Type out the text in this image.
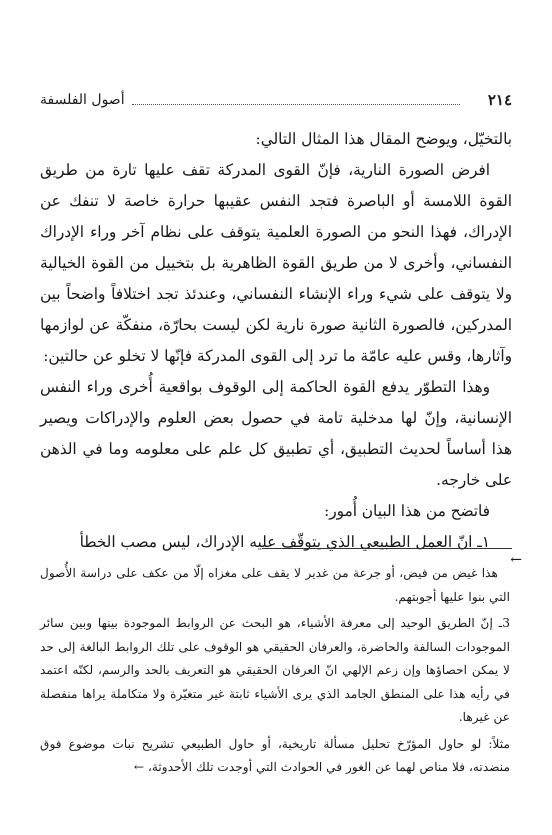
٢١٤
أصول الفلسفة

بالتخيّل، ويوضح المقال هذا المثال التالي:

افرض الصورة النارية، فإنّ القوى المدركة تقف عليها تارة من طريق القوة اللامسة أو الباصرة فتجد النفس عقيبها حرارة خاصة لا تنفك عن الإدراك، فهذا النحو من الصورة العلمية يتوقف على نظام آخر وراء الإدراك النفساني، وأخرى لا من طريق القوة الظاهرية بل بتخييل من القوة الخيالية ولا يتوقف على شيء وراء الإنشاء النفساني، وعندئذ تجد اختلافاً واضحاً بين المدركين، فالصورة الثانية صورة نارية لكن ليست بحارّة، منفكّة عن لوازمها وآثارها، وقس عليه عامّة ما ترد إلى القوى المدركة فإنّها لا تخلو عن حالتين:

وهذا التطوّر يدفع القوة الحاكمة إلى الوقوف بواقعية أُخرى وراء النفس الإنسانية، وإنّ لها مدخلية تامة في حصول بعض العلوم والإدراكات ويصير هذا أساساً لحديث التطبيق، أي تطبيق كل علم على معلومه وما في الذهن على خارجه.

فاتضح من هذا البيان أُمور:

١ـ انّ العمل الطبيعي الذي يتوقّف عليه الإدراك، ليس مصب الخطأ

←

هذا غيض من فيض، أو جرعة من غدير لا يقف على مغزاه إلّا من عكف على دراسة الأُصول التي بنوا عليها أجوبتهم.

3ـ إنّ الطريق الوحيد إلى معرفة الأشياء، هو البحث عن الروابط الموجودة بينها وبين سائر الموجودات السالفة والحاضرة، والعرفان الحقيقي هو الوقوف على تلك الروابط البالغة إلى حد لا يمكن احصاؤها وإن زعم الإلهي انّ العرفان الحقيقي هو التعريف بالحد والرسم، لكنّه اعتمد في رأيه هذا على المنطق الجامد الذي يرى الأشياء ثابتة غير متغيّرة ولا متكاملة يراها منفصلة عن غيرها.

مثلاً: لو حاول المؤرّخ تحليل مسألة تاريخية، أو حاول الطبيعي تشريح نبات موضوع فوق منضدته، فلا مناص لهما عن الغور في الحوادث التي أوجدت تلك الأحدوثة، ←
